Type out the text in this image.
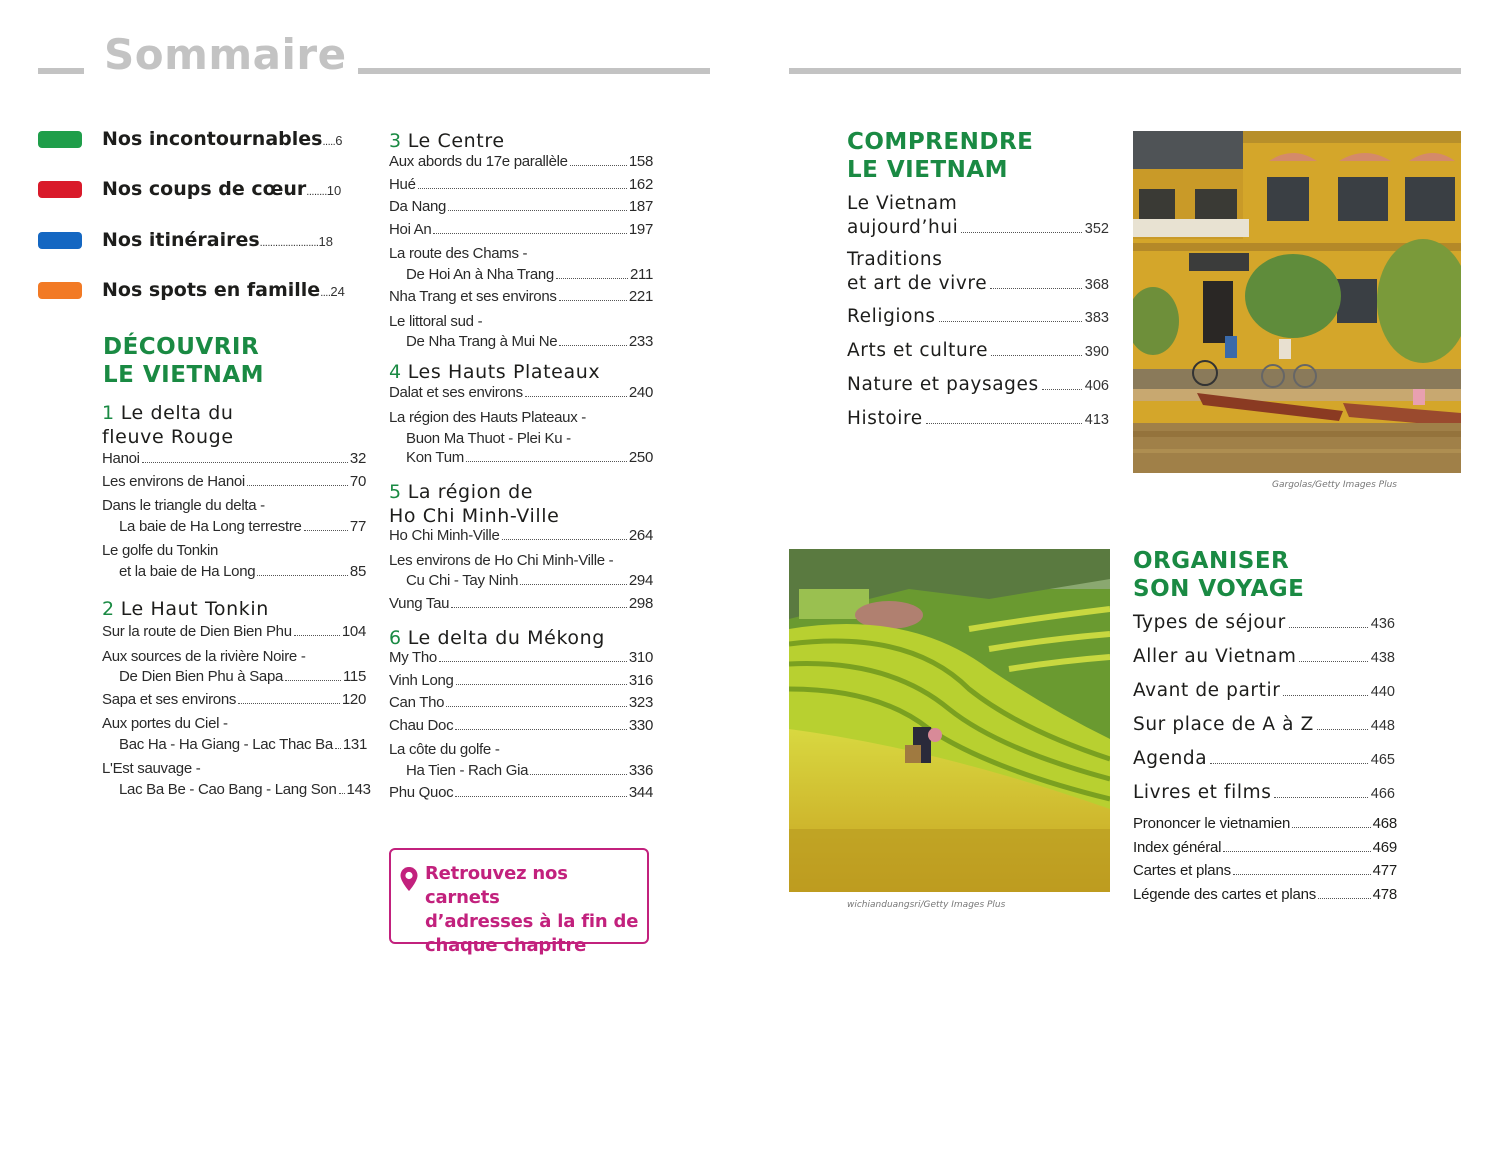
Sommaire
Nos incontournables.....6
Nos coups de cœur........10
Nos itinéraires.......................18
Nos spots en famille....24
DÉCOUVRIR
LE VIETNAM
1 Le delta du
fleuve Rouge
Hanoi	32
Les environs de Hanoi	70
Dans le triangle du delta -
La baie de Ha Long terrestre	77
Le golfe du Tonkin
et la baie de Ha Long	85
2 Le Haut Tonkin
Sur la route de Dien Bien Phu	104
Aux sources de la rivière Noire -
De Dien Bien Phu à Sapa	115
Sapa et ses environs	120
Aux portes du Ciel -
Bac Ha - Ha Giang - Lac Thac Ba 131
L'Est sauvage -
Lac Ba Be - Cao Bang - Lang Son 143
3 Le Centre
Aux abords du 17e parallèle	158
Hué	162
Da Nang	187
Hoi An	197
La route des Chams -
De Hoi An à Nha Trang	211
Nha Trang et ses environs	221
Le littoral sud -
De Nha Trang à Mui Ne	233
4 Les Hauts Plateaux
Dalat et ses environs	240
La région des Hauts Plateaux -
Buon Ma Thuot - Plei Ku -
Kon Tum	250
5 La région de
Ho Chi Minh-Ville
Ho Chi Minh-Ville	264
Les environs de Ho Chi Minh-Ville -
Cu Chi - Tay Ninh	294
Vung Tau	298
6 Le delta du Mékong
My Tho	310
Vinh Long	316
Can Tho	323
Chau Doc	330
La côte du golfe -
Ha Tien - Rach Gia	336
Phu Quoc	344
Retrouvez nos carnets
d’adresses à la fin de
chaque chapitre
COMPRENDRE
LE VIETNAM
Le Vietnam
aujourd’hui	352
Traditions
et art de vivre	368
Religions	383
Arts et culture	390
Nature et paysages	406
Histoire	413
Gargolas/Getty Images Plus
wichianduangsri/Getty Images Plus
ORGANISER
SON VOYAGE
Types de séjour	436
Aller au Vietnam	438
Avant de partir	440
Sur place de A à Z	448
Agenda	465
Livres et films	466
Prononcer le vietnamien	468
Index général	469
Cartes et plans	477
Légende des cartes et plans	478
